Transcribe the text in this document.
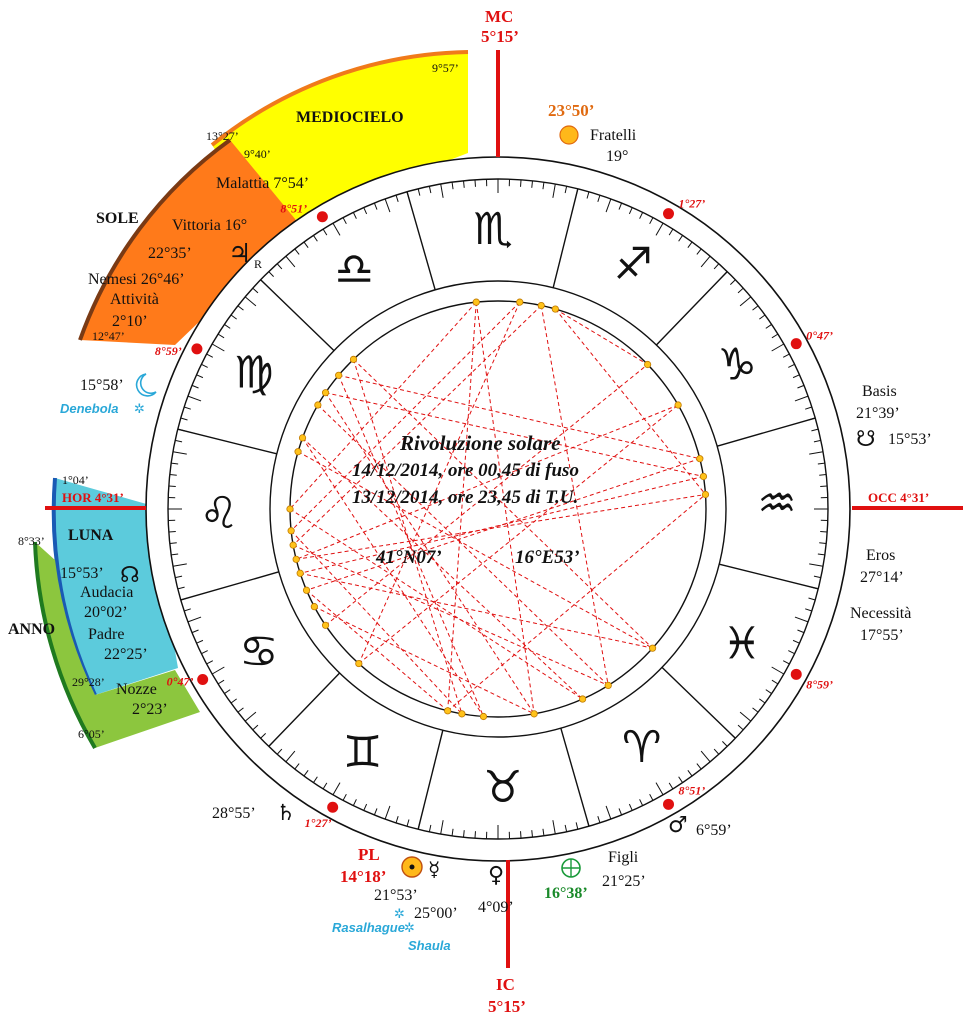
♓
♒
♑
♐
♏
♎
♍
♌
♋
♊
♉
♈
MC
5°15’
IC
5°15’
HOR 4°31’	OCC 4°31’
Rivoluzione solare
14/12/2014, ore 00,45 di fuso
13/12/2014, ore 23,45 di T.U.
41°N07’	16°E53’
MEDIOCIELO
9°57’
13°27’
SOLE
9°40’
12°47’
LUNA
1°04’
29°28’
ANNO
8°33’
6°05’
Malattia 7°54’
Vittoria 16°
22°35’ ♃ R
Nemesi 26°46’
Attività
2°10’
15°58’
Denebola ✲
15°53’ ☊
Audacia
20°02’
Padre
22°25’
Nozze
2°23’
23°50’
Fratelli
19°
Basis
21°39’
☋ 15°53’
Eros
27°14’
Necessità
17°55’
♂ 6°59’
Figli
21°25’
16°38’
♀
4°09’
PL
14°18’ ☿
21°53’
25°00’
✲
Rasalhague ✲
Shaula
28°55’ ♄
0°47’
1°27’
8°51’
8°59’
0°47’
1°27’
8°51’
8°59’
